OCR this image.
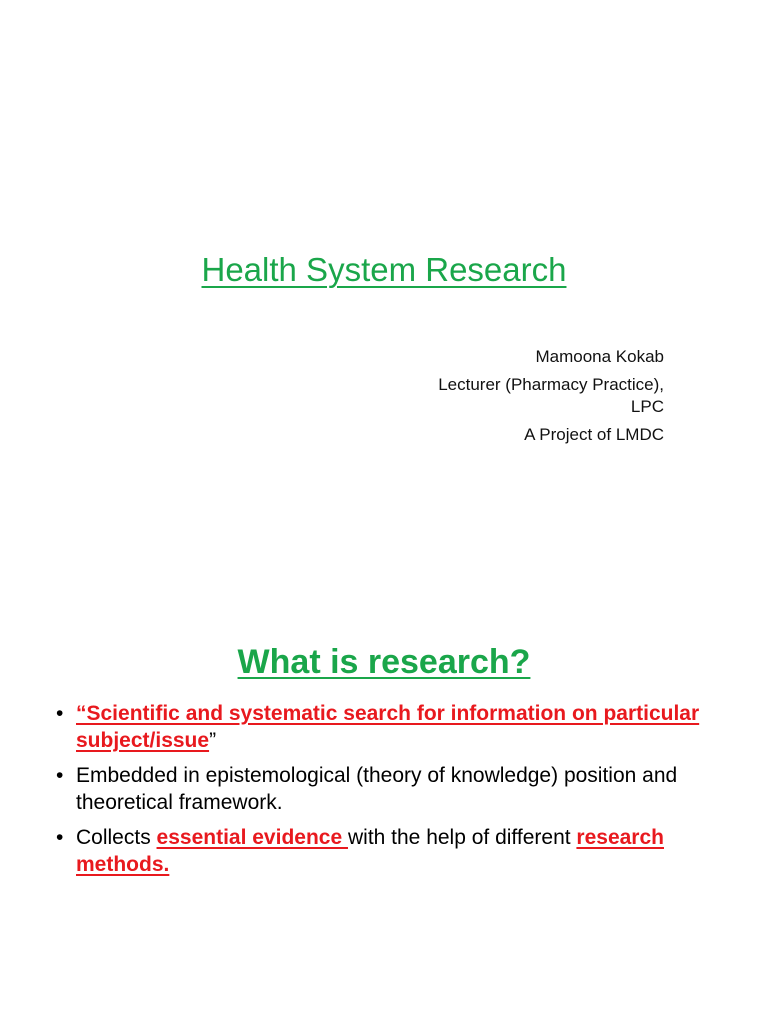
Health System Research
Mamoona Kokab
Lecturer (Pharmacy Practice),
LPC
A Project of LMDC
What is research?
• “Scientific and systematic search for information on particular subject/issue”
• Embedded in epistemological (theory of knowledge) position and theoretical framework.
• Collects essential evidence with the help of different research methods.
